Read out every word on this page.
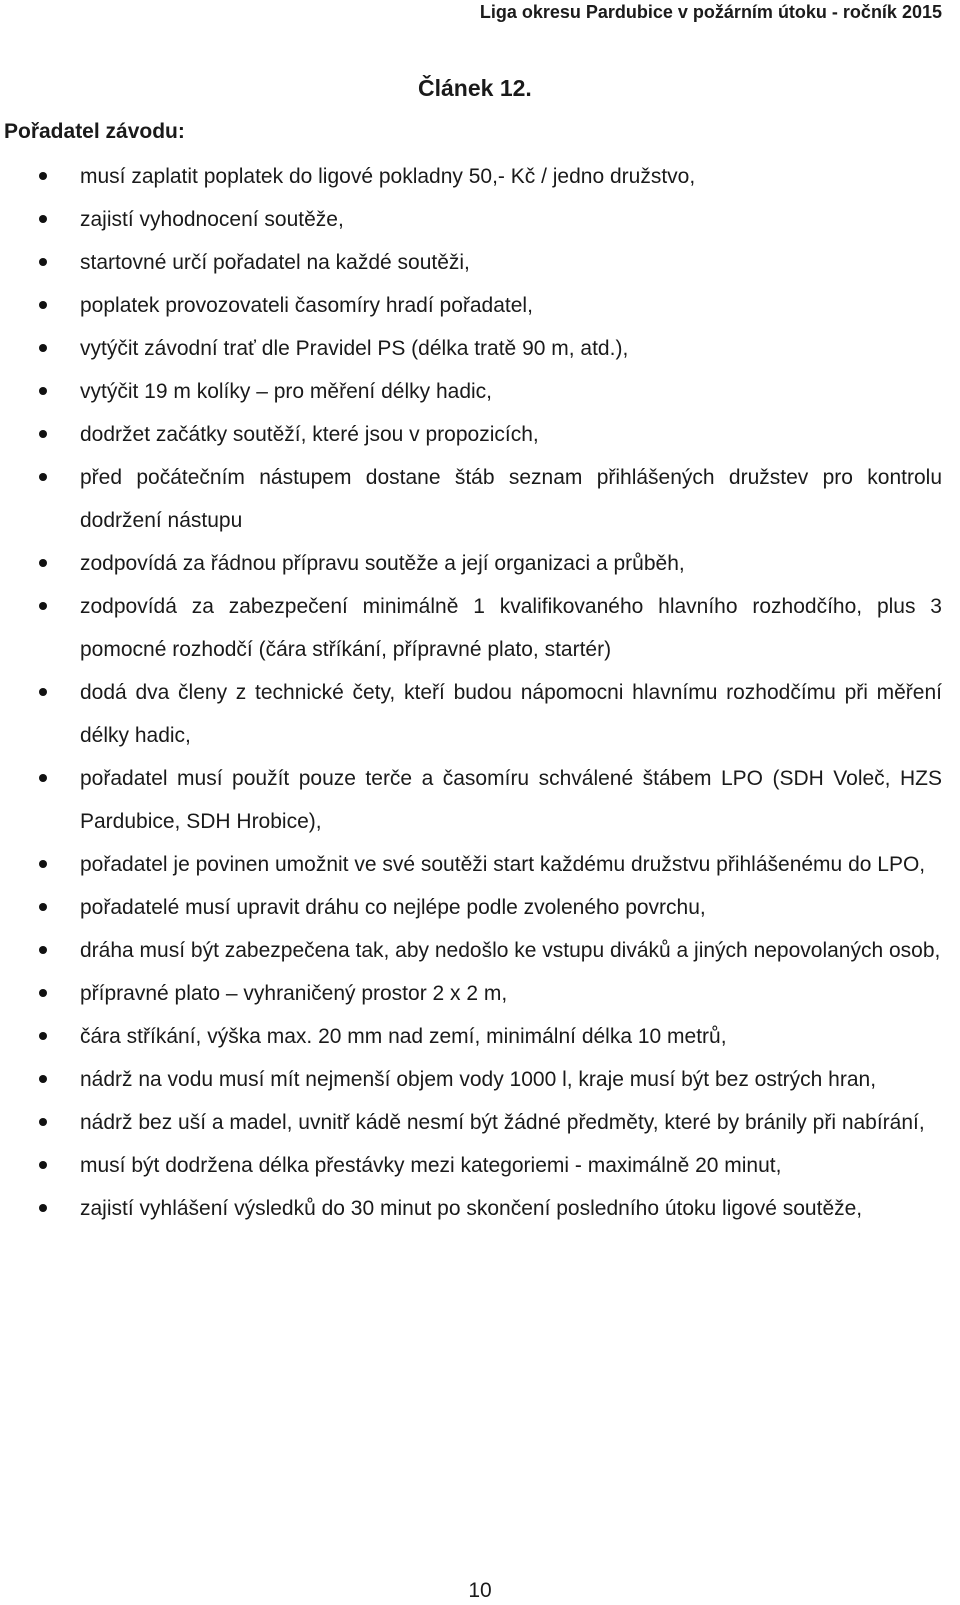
Liga okresu Pardubice v požárním útoku - ročník 2015
Článek 12.
Pořadatel závodu:
musí zaplatit poplatek do ligové pokladny 50,- Kč / jedno družstvo,
zajistí vyhodnocení soutěže,
startovné určí pořadatel na každé soutěži,
poplatek provozovateli časomíry hradí pořadatel,
vytýčit závodní trať dle Pravidel PS (délka tratě 90 m, atd.),
vytýčit 19 m kolíky – pro měření délky hadic,
dodržet začátky soutěží, které jsou v propozicích,
před počátečním nástupem dostane štáb seznam přihlášených družstev pro kontrolu dodržení nástupu
zodpovídá za řádnou přípravu soutěže a její organizaci a průběh,
zodpovídá za zabezpečení minimálně 1 kvalifikovaného hlavního rozhodčího, plus 3 pomocné rozhodčí (čára stříkání, přípravné plato, startér)
dodá dva členy z technické čety, kteří budou nápomocni hlavnímu rozhodčímu při měření délky hadic,
pořadatel musí použít pouze terče a časomíru schválené štábem LPO (SDH Voleč, HZS Pardubice, SDH Hrobice),
pořadatel je povinen umožnit ve své soutěži start každému družstvu přihlášenému do LPO,
pořadatelé musí upravit dráhu co nejlépe podle zvoleného povrchu,
dráha musí být zabezpečena tak, aby nedošlo ke vstupu diváků a jiných nepovolaných osob,
přípravné plato – vyhraničený prostor 2 x 2 m,
čára stříkání, výška max. 20 mm nad zemí, minimální délka 10 metrů,
nádrž na vodu musí mít nejmenší objem vody 1000 l, kraje musí být bez ostrých hran,
nádrž bez uší a madel, uvnitř kádě nesmí být žádné předměty, které by bránily při nabírání,
musí být dodržena délka přestávky mezi kategoriemi - maximálně 20 minut,
zajistí vyhlášení výsledků do 30 minut po skončení posledního útoku ligové soutěže,
10
